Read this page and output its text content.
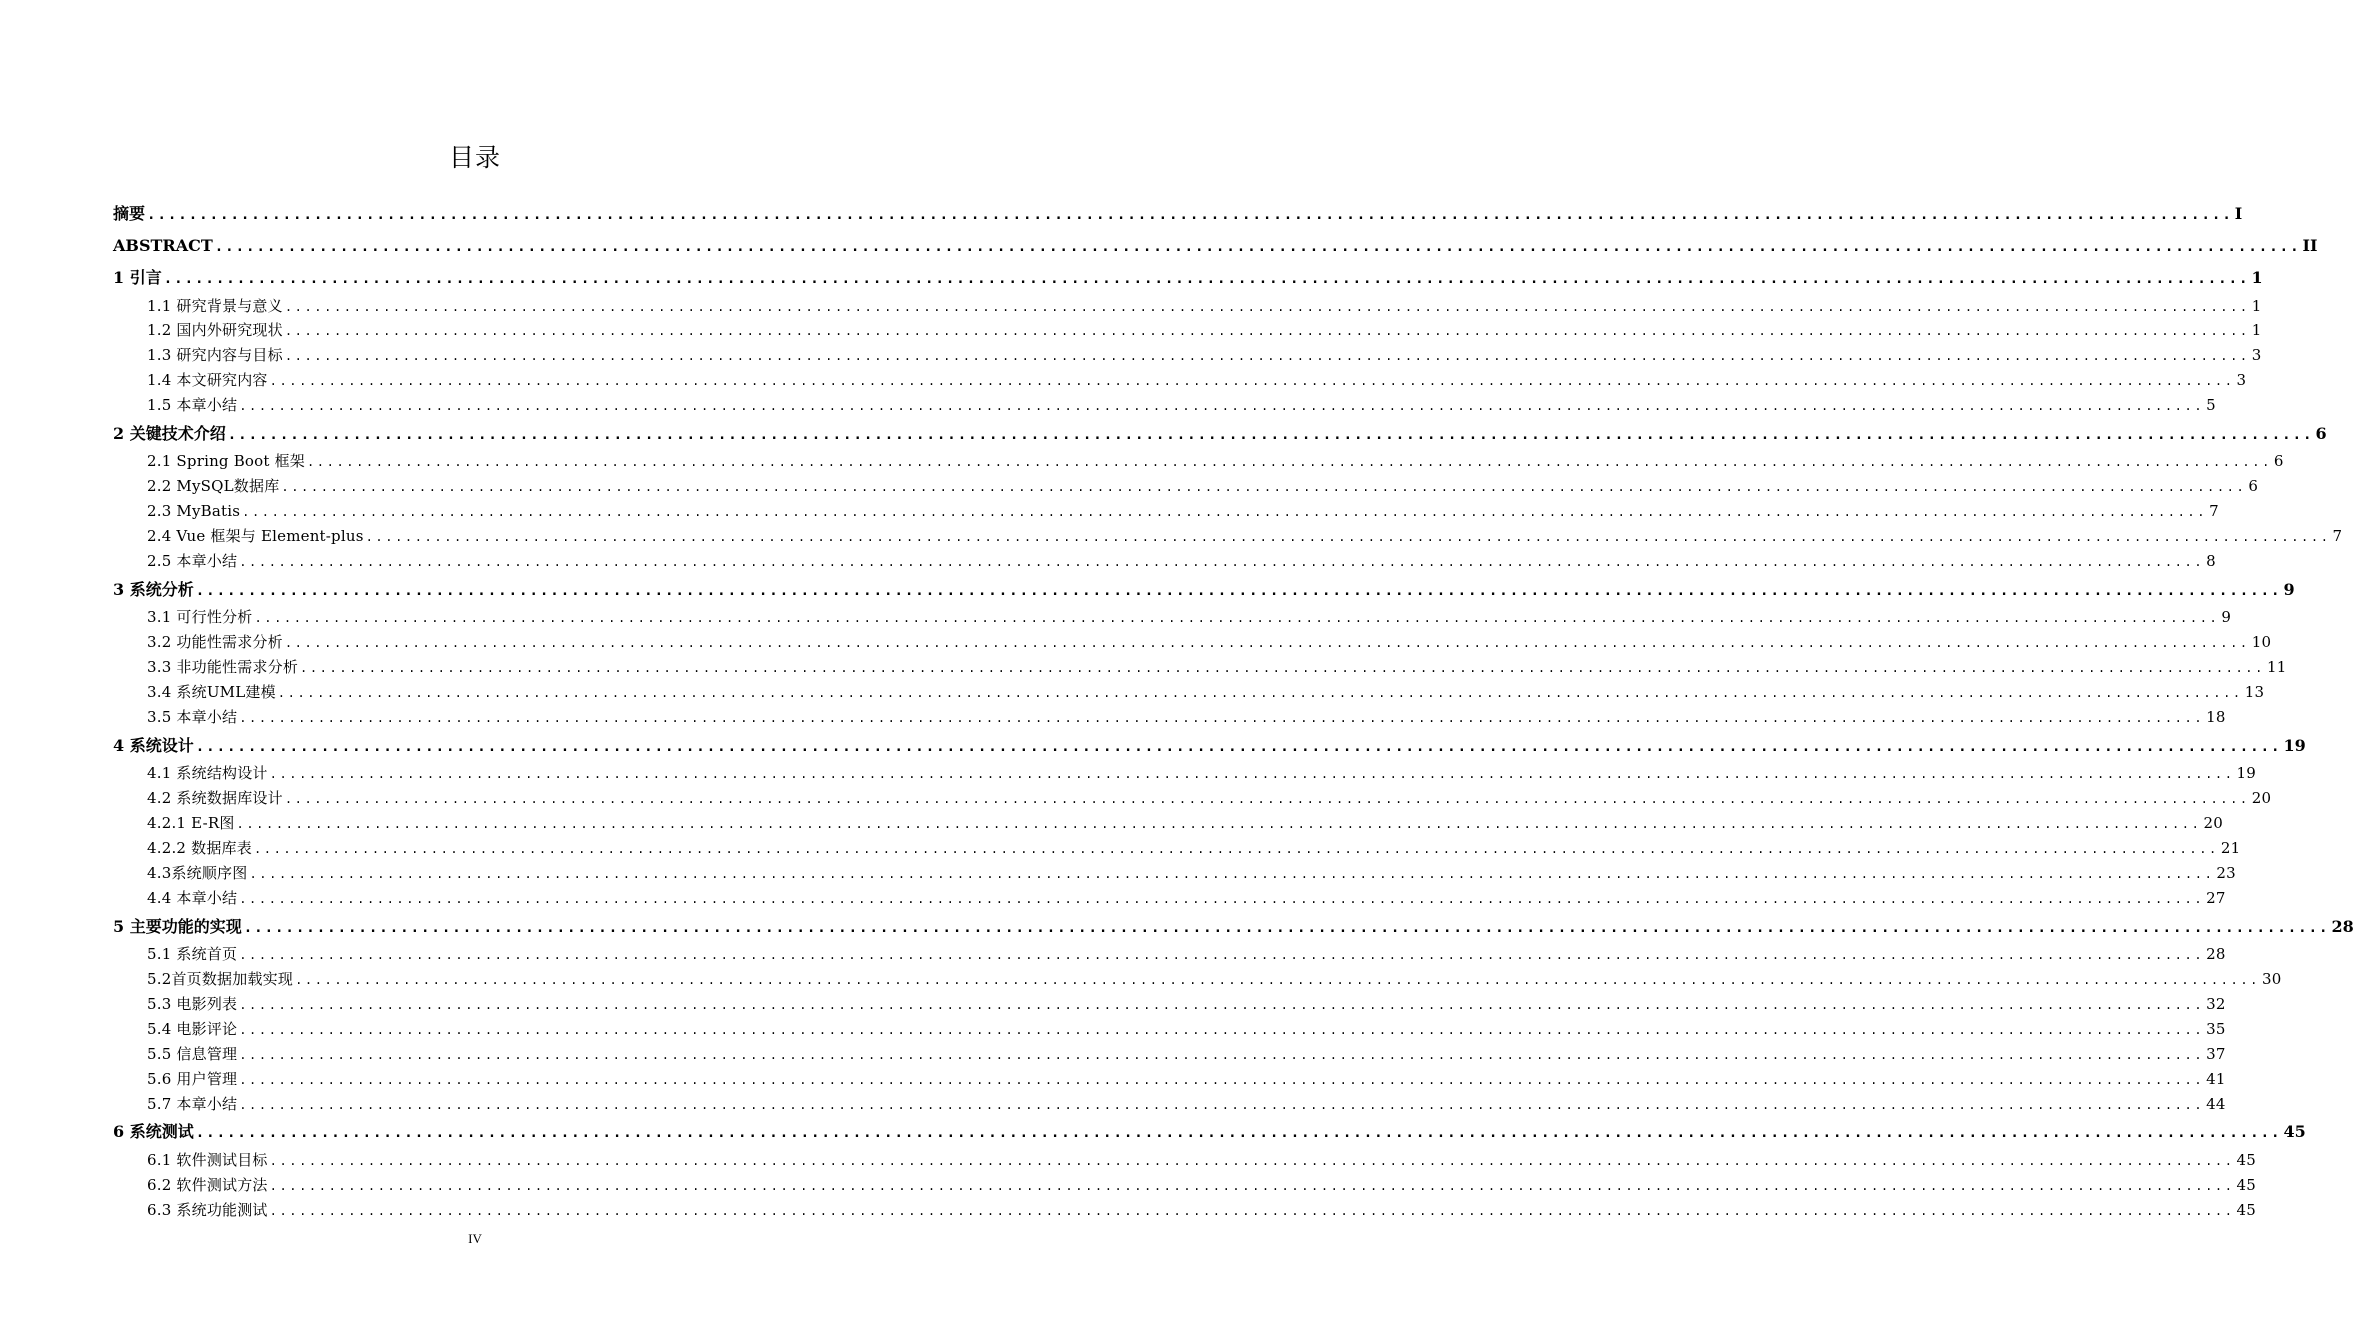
目录
摘要 ........................................................................................................................................................................................................ I
ABSTRACT ........................................................................................................................................................................................................ II
1 引言 ........................................................................................................................................................................................................ 1
1.1 研究背景与意义 ........................................................................................................................................................................................................ 1
1.2 国内外研究现状 ........................................................................................................................................................................................................ 1
1.3 研究内容与目标 ........................................................................................................................................................................................................ 3
1.4 本文研究内容 ........................................................................................................................................................................................................ 3
1.5 本章小结 ........................................................................................................................................................................................................ 5
2 关键技术介绍 ........................................................................................................................................................................................................ 6
2.1 Spring Boot 框架 ........................................................................................................................................................................................................ 6
2.2 MySQL数据库 ........................................................................................................................................................................................................ 6
2.3 MyBatis ........................................................................................................................................................................................................ 7
2.4 Vue 框架与 Element-plus ........................................................................................................................................................................................................ 7
2.5 本章小结 ........................................................................................................................................................................................................ 8
3 系统分析 ........................................................................................................................................................................................................ 9
3.1 可行性分析 ........................................................................................................................................................................................................ 9
3.2 功能性需求分析 ........................................................................................................................................................................................................ 10
3.3 非功能性需求分析 ........................................................................................................................................................................................................ 11
3.4 系统UML建模 ........................................................................................................................................................................................................ 13
3.5 本章小结 ........................................................................................................................................................................................................ 18
4 系统设计 ........................................................................................................................................................................................................ 19
4.1 系统结构设计 ........................................................................................................................................................................................................ 19
4.2 系统数据库设计 ........................................................................................................................................................................................................ 20
4.2.1 E-R图 ........................................................................................................................................................................................................ 20
4.2.2 数据库表 ........................................................................................................................................................................................................ 21
4.3系统顺序图 ........................................................................................................................................................................................................ 23
4.4 本章小结 ........................................................................................................................................................................................................ 27
5 主要功能的实现 ........................................................................................................................................................................................................ 28
5.1 系统首页 ........................................................................................................................................................................................................ 28
5.2首页数据加载实现 ........................................................................................................................................................................................................ 30
5.3 电影列表 ........................................................................................................................................................................................................ 32
5.4 电影评论 ........................................................................................................................................................................................................ 35
5.5 信息管理 ........................................................................................................................................................................................................ 37
5.6 用户管理 ........................................................................................................................................................................................................ 41
5.7 本章小结 ........................................................................................................................................................................................................ 44
6 系统测试 ........................................................................................................................................................................................................ 45
6.1 软件测试目标 ........................................................................................................................................................................................................ 45
6.2 软件测试方法 ........................................................................................................................................................................................................ 45
6.3 系统功能测试 ........................................................................................................................................................................................................ 45
IV
